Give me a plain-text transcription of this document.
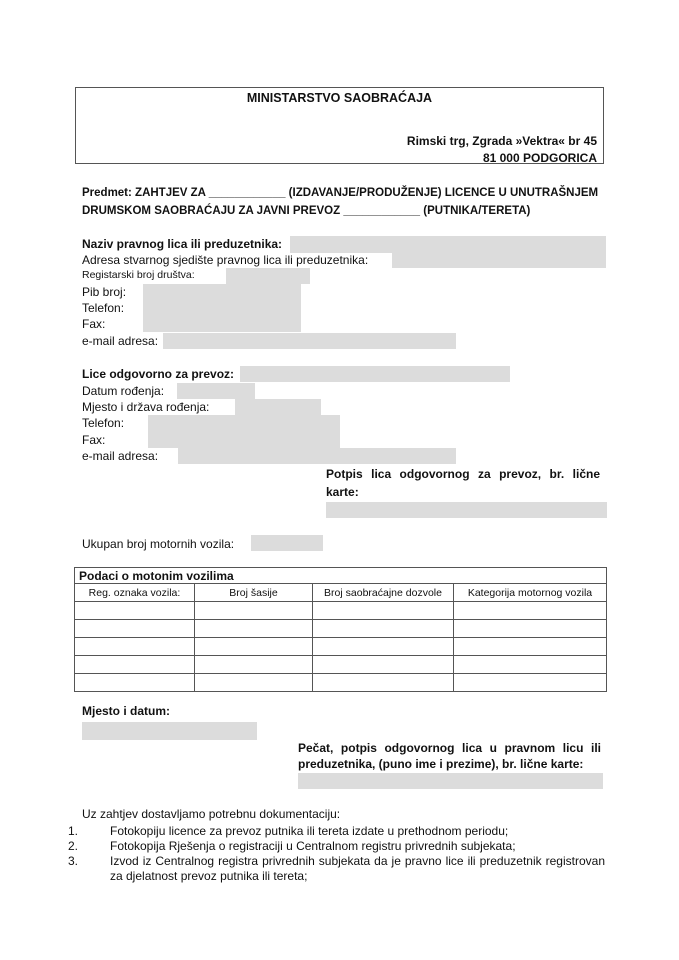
MINISTARSTVO SAOBRAĆAJA
Rimski trg, Zgrada »Vektra« br 45
81 000 PODGORICA
Predmet: ZAHTJEV ZA ____________ (IZDAVANJE/PRODUŽENJE) LICENCE U UNUTRAŠNJEM
DRUMSKOM SAOBRAĆAJU ZA JAVNI PREVOZ ____________ (PUTNIKA/TERETA)
Naziv pravnog lica ili preduzetnika:
Adresa stvarnog sjedište pravnog lica ili preduzetnika:
Registarski broj društva:
Pib broj:
Telefon:
Fax:
e-mail adresa:
Lice odgovorno za prevoz:
Datum rođenja:
Mjesto i država rođenja:
Telefon:
Fax:
e-mail adresa:
Potpis lica odgovornog za prevoz, br. lične
karte:
Ukupan broj motornih vozila:
Podaci o motonim vozilima			
Reg. oznaka vozila:	Broj šasije	Broj saobraćajne dozvole	Kategorija motornog vozila

Mjesto i datum:
Pečat, potpis odgovornog lica u pravnom licu ili
preduzetnika, (puno ime i prezime), br. lične karte:
Uz zahtjev dostavljamo potrebnu dokumentaciju:
1.	Fotokopiju licence za prevoz putnika ili tereta izdate u prethodnom periodu;
2.	Fotokopija Rješenja o registraciji u Centralnom registru privrednih subjekata;
3.	Izvod iz Centralnog registra privrednih subjekata da je pravno lice ili preduzetnik registrovan za djelatnost prevoz putnika ili tereta;
